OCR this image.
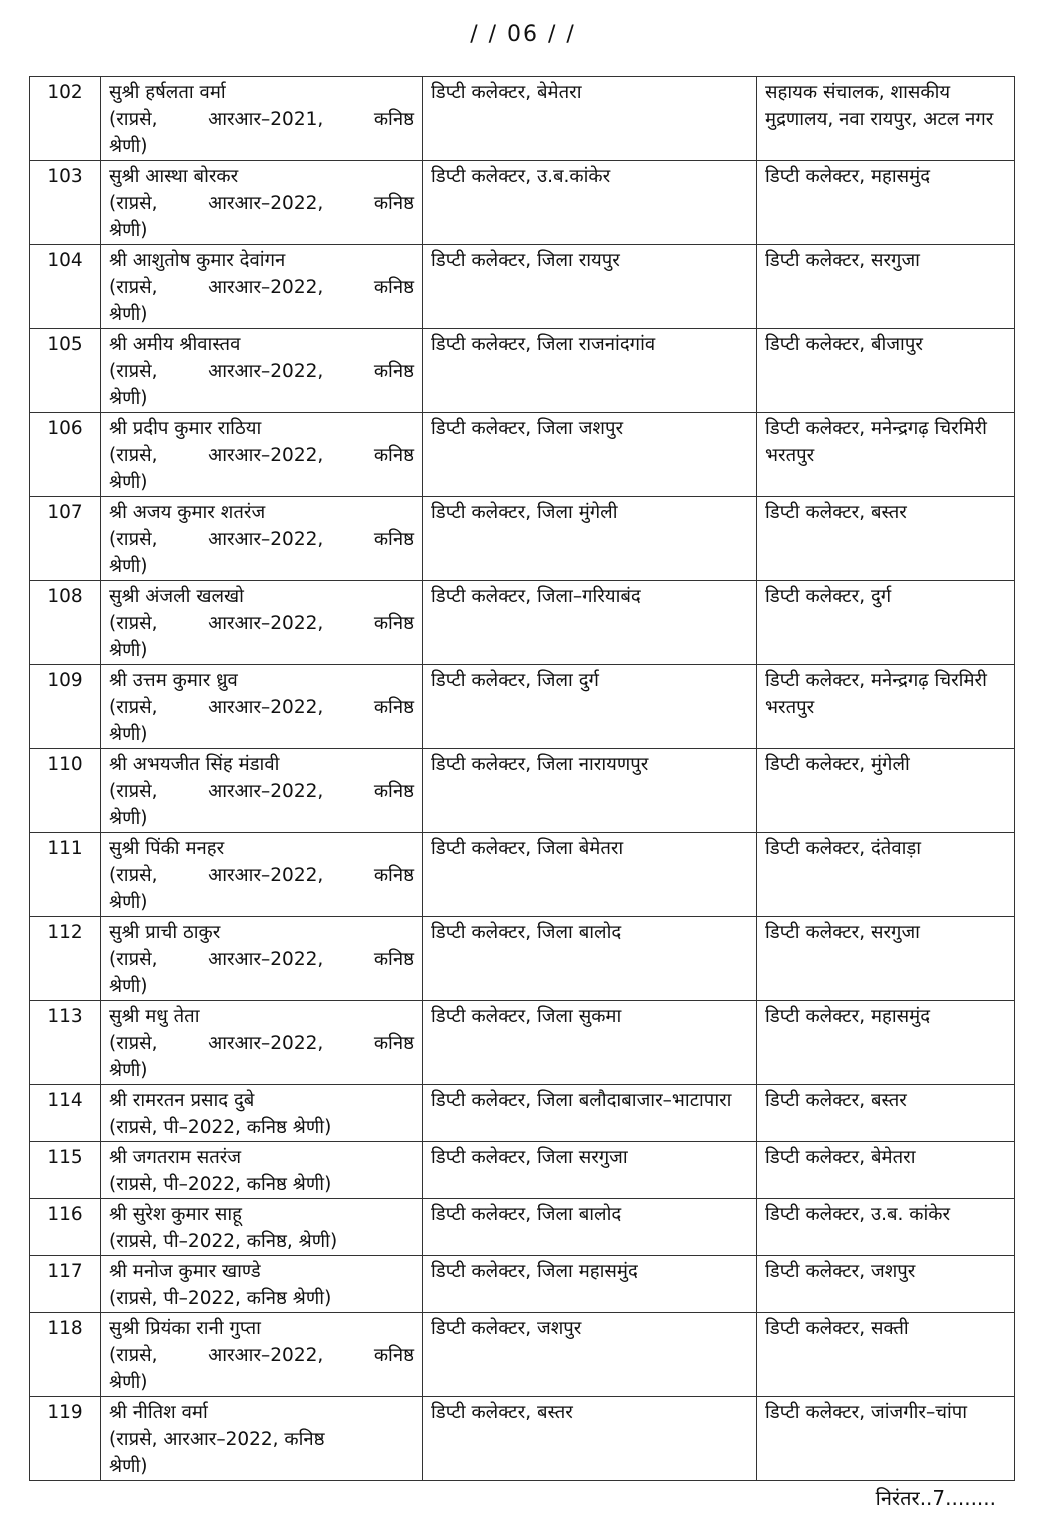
/ / 06 / /
102	सुश्री हर्षलता वर्मा
(राप्रसे, आरआर–2021, कनिष्ठ
श्रेणी)	डिप्टी कलेक्टर, बेमेतरा	सहायक संचालक, शासकीय मुद्रणालय, नवा रायपुर, अटल नगर
103	सुश्री आस्था बोरकर
(राप्रसे, आरआर–2022, कनिष्ठ
श्रेणी)	डिप्टी कलेक्टर, उ.ब.कांकेर	डिप्टी कलेक्टर, महासमुंद
104	श्री आशुतोष कुमार देवांगन
(राप्रसे, आरआर–2022, कनिष्ठ
श्रेणी)	डिप्टी कलेक्टर, जिला रायपुर	डिप्टी कलेक्टर, सरगुजा
105	श्री अमीय श्रीवास्तव
(राप्रसे, आरआर–2022, कनिष्ठ
श्रेणी)	डिप्टी कलेक्टर, जिला राजनांदगांव	डिप्टी कलेक्टर, बीजापुर
106	श्री प्रदीप कुमार राठिया
(राप्रसे, आरआर–2022, कनिष्ठ
श्रेणी)	डिप्टी कलेक्टर, जिला जशपुर	डिप्टी कलेक्टर, मनेन्द्रगढ़ चिरमिरी भरतपुर
107	श्री अजय कुमार शतरंज
(राप्रसे, आरआर–2022, कनिष्ठ
श्रेणी)	डिप्टी कलेक्टर, जिला मुंगेली	डिप्टी कलेक्टर, बस्तर
108	सुश्री अंजली खलखो
(राप्रसे, आरआर–2022, कनिष्ठ
श्रेणी)	डिप्टी कलेक्टर, जिला–गरियाबंद	डिप्टी कलेक्टर, दुर्ग
109	श्री उत्तम कुमार ध्रुव
(राप्रसे, आरआर–2022, कनिष्ठ
श्रेणी)	डिप्टी कलेक्टर, जिला दुर्ग	डिप्टी कलेक्टर, मनेन्द्रगढ़ चिरमिरी भरतपुर
110	श्री अभयजीत सिंह मंडावी
(राप्रसे, आरआर–2022, कनिष्ठ
श्रेणी)	डिप्टी कलेक्टर, जिला नारायणपुर	डिप्टी कलेक्टर, मुंगेली
111	सुश्री पिंकी मनहर
(राप्रसे, आरआर–2022, कनिष्ठ
श्रेणी)	डिप्टी कलेक्टर, जिला बेमेतरा	डिप्टी कलेक्टर, दंतेवाड़ा
112	सुश्री प्राची ठाकुर
(राप्रसे, आरआर–2022, कनिष्ठ
श्रेणी)	डिप्टी कलेक्टर, जिला बालोद	डिप्टी कलेक्टर, सरगुजा
113	सुश्री मधु तेता
(राप्रसे, आरआर–2022, कनिष्ठ
श्रेणी)	डिप्टी कलेक्टर, जिला सुकमा	डिप्टी कलेक्टर, महासमुंद
114	श्री रामरतन प्रसाद दुबे
(राप्रसे, पी–2022, कनिष्ठ श्रेणी)	डिप्टी कलेक्टर, जिला बलौदाबाजार–भाटापारा	डिप्टी कलेक्टर, बस्तर
115	श्री जगतराम सतरंज
(राप्रसे, पी–2022, कनिष्ठ श्रेणी)	डिप्टी कलेक्टर, जिला सरगुजा	डिप्टी कलेक्टर, बेमेतरा
116	श्री सुरेश कुमार साहू
(राप्रसे, पी–2022, कनिष्ठ, श्रेणी)	डिप्टी कलेक्टर, जिला बालोद	डिप्टी कलेक्टर, उ.ब. कांकेर
117	श्री मनोज कुमार खाण्डे
(राप्रसे, पी–2022, कनिष्ठ श्रेणी)	डिप्टी कलेक्टर, जिला महासमुंद	डिप्टी कलेक्टर, जशपुर
118	सुश्री प्रियंका रानी गुप्ता
(राप्रसे, आरआर–2022, कनिष्ठ
श्रेणी)	डिप्टी कलेक्टर, जशपुर	डिप्टी कलेक्टर, सक्ती
119	श्री नीतिश वर्मा
(राप्रसे, आरआर–2022, कनिष्ठ
श्रेणी)	डिप्टी कलेक्टर, बस्तर	डिप्टी कलेक्टर, जांजगीर–चांपा
निरंतर..7........
